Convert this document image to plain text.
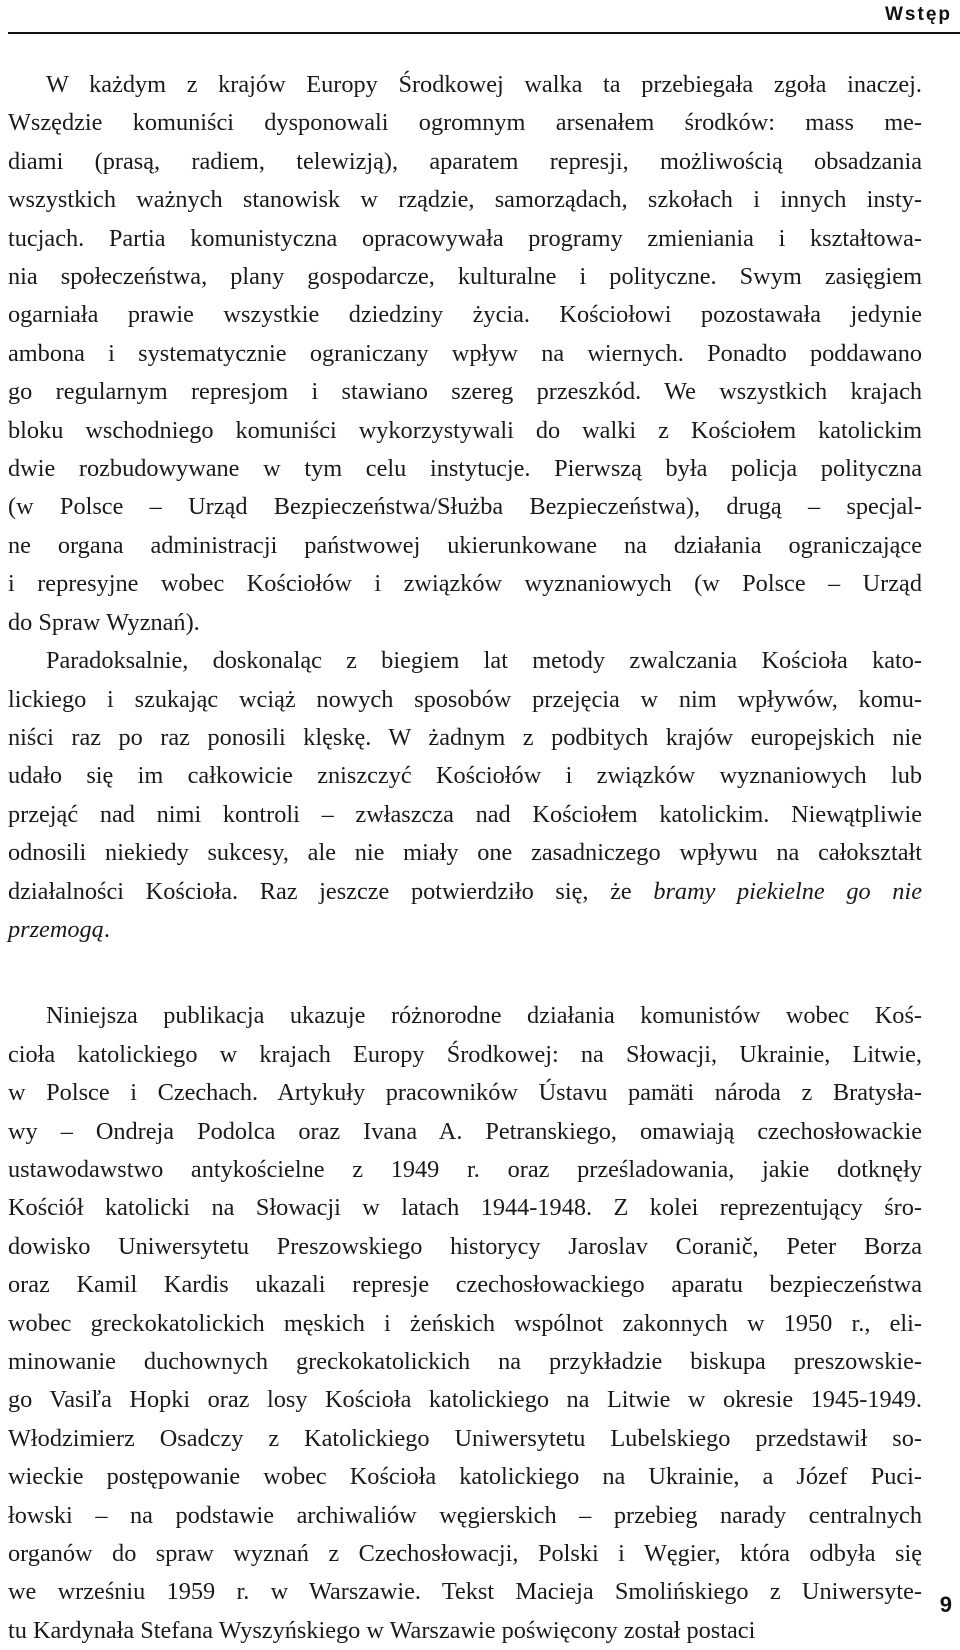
Wstęp

W każdym z krajów Europy Środkowej walka ta przebiegała zgoła inaczej.
Wszędzie komuniści dysponowali ogromnym arsenałem środków: mass me-
diami (prasą, radiem, telewizją), aparatem represji, możliwością obsadzania
wszystkich ważnych stanowisk w rządzie, samorządach, szkołach i innych insty-
tucjach. Partia komunistyczna opracowywała programy zmieniania i kształtowa-
nia społeczeństwa, plany gospodarcze, kulturalne i polityczne. Swym zasięgiem
ogarniała prawie wszystkie dziedziny życia. Kościołowi pozostawała jedynie
ambona i systematycznie ograniczany wpływ na wiernych. Ponadto poddawano
go regularnym represjom i stawiano szereg przeszkód. We wszystkich krajach
bloku wschodniego komuniści wykorzystywali do walki z Kościołem katolickim
dwie rozbudowywane w tym celu instytucje. Pierwszą była policja polityczna
(w Polsce – Urząd Bezpieczeństwa/Służba Bezpieczeństwa), drugą – specjal-
ne organa administracji państwowej ukierunkowane na działania ograniczające
i represyjne wobec Kościołów i związków wyznaniowych (w Polsce – Urząd
do Spraw Wyznań).

Paradoksalnie, doskonaląc z biegiem lat metody zwalczania Kościoła kato-
lickiego i szukając wciąż nowych sposobów przejęcia w nim wpływów, komu-
niści raz po raz ponosili klęskę. W żadnym z podbitych krajów europejskich nie
udało się im całkowicie zniszczyć Kościołów i związków wyznaniowych lub
przejąć nad nimi kontroli – zwłaszcza nad Kościołem katolickim. Niewątpliwie
odnosili niekiedy sukcesy, ale nie miały one zasadniczego wpływu na całokształt
działalności Kościoła. Raz jeszcze potwierdziło się, że bramy piekielne go nie
przemogą.

Niniejsza publikacja ukazuje różnorodne działania komunistów wobec Koś-
cioła katolickiego w krajach Europy Środkowej: na Słowacji, Ukrainie, Litwie,
w Polsce i Czechach. Artykuły pracowników Ústavu pamäti národa z Bratysła-
wy – Ondreja Podolca oraz Ivana A. Petranskiego, omawiają czechosłowackie
ustawodawstwo antykościelne z 1949 r. oraz prześladowania, jakie dotknęły
Kościół katolicki na Słowacji w latach 1944-1948. Z kolei reprezentujący śro-
dowisko Uniwersytetu Preszowskiego historycy Jaroslav Coranič, Peter Borza
oraz Kamil Kardis ukazali represje czechosłowackiego aparatu bezpieczeństwa
wobec greckokatolickich męskich i żeńskich wspólnot zakonnych w 1950 r., eli-
minowanie duchownych greckokatolickich na przykładzie biskupa preszowskie-
go Vasiľa Hopki oraz losy Kościoła katolickiego na Litwie w okresie 1945-1949.
Włodzimierz Osadczy z Katolickiego Uniwersytetu Lubelskiego przedstawił so-
wieckie postępowanie wobec Kościoła katolickiego na Ukrainie, a Józef Puci-
łowski – na podstawie archiwaliów węgierskich – przebieg narady centralnych
organów do spraw wyznań z Czechosłowacji, Polski i Węgier, która odbyła się
we wrześniu 1959 r. w Warszawie. Tekst Macieja Smolińskiego z Uniwersyte-
tu Kardynała Stefana Wyszyńskiego w Warszawie poświęcony został postaci

9
